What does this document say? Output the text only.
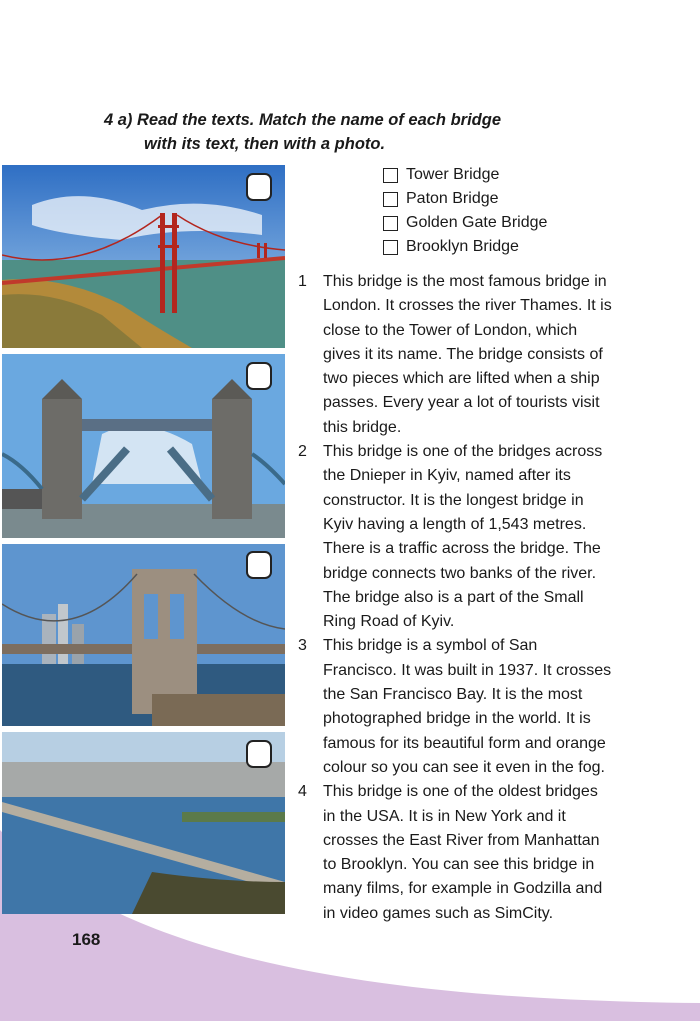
4 a) Read the texts. Match the name of each bridge
with its text, then with a photo.
Tower Bridge
Paton Bridge
Golden Gate Bridge
Brooklyn Bridge
1	This bridge is the most famous bridge in
London. It crosses the river Thames. It is
close to the Tower of London, which
gives it its name. The bridge consists of
two pieces which are lifted when a ship
passes. Every year a lot of tourists visit
this bridge.
2	This bridge is one of the bridges across
the Dnieper in Kyiv, named after its
constructor. It is the longest bridge in
Kyiv having a length of 1,543 metres.
There is a traffic across the bridge. The
bridge connects two banks of the river.
The bridge also is a part of the Small
Ring Road of Kyiv.
3	This bridge is a symbol of San
Francisco. It was built in 1937. It crosses
the San Francisco Bay. It is the most
photographed bridge in the world. It is
famous for its beautiful form and orange
colour so you can see it even in the fog.
4	This bridge is one of the oldest bridges
in the USA. It is in New York and it
crosses the East River from Manhattan
to Brooklyn. You can see this bridge in
many films, for example in Godzilla and
in video games such as SimCity.
168
